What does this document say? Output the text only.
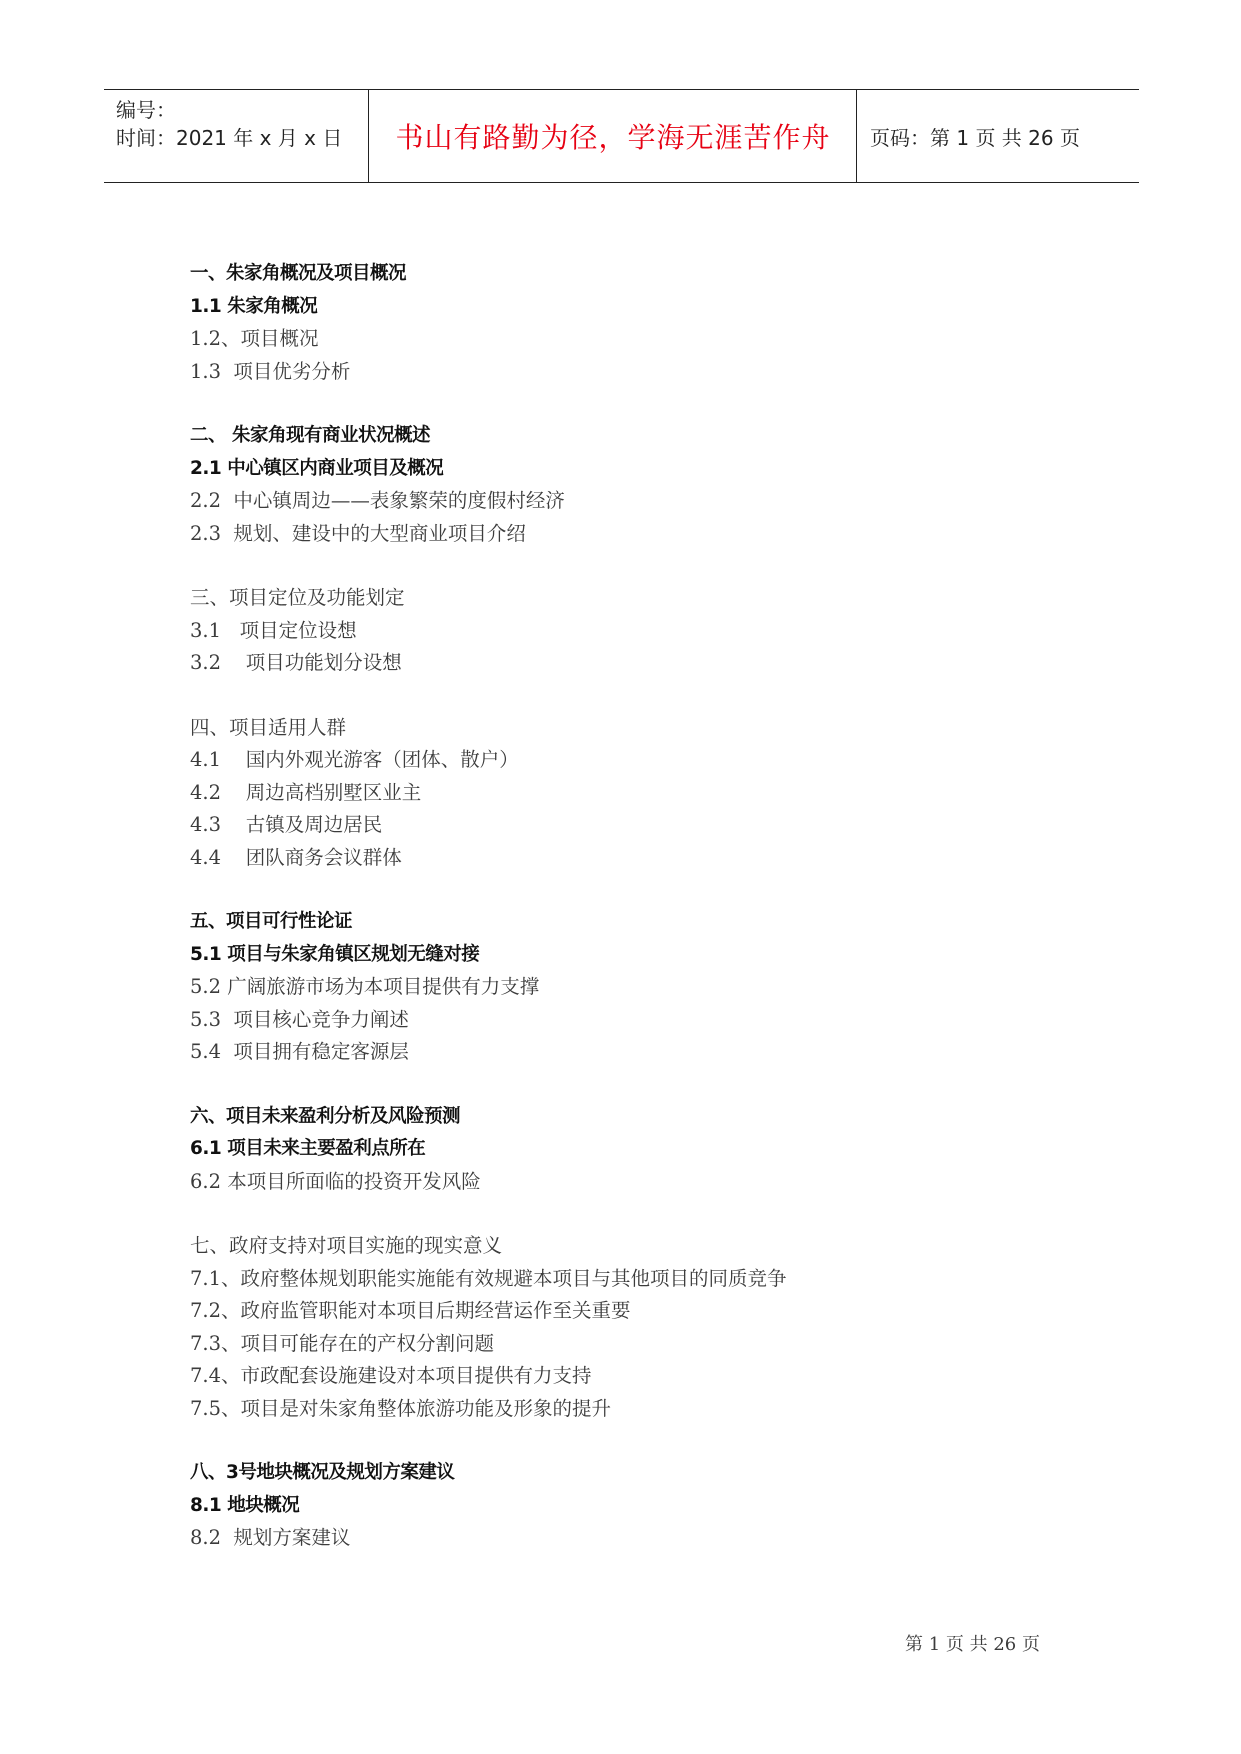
编号：
时间：2021 年 x 月 x 日	书山有路勤为径，学海无涯苦作舟	页码：第 1 页 共 26 页
一、朱家角概况及项目概况
1.1 朱家角概况
1.2、项目概况
1.3  项目优劣分析
二、 朱家角现有商业状况概述
2.1 中心镇区内商业项目及概况
2.2  中心镇周边——表象繁荣的度假村经济
2.3  规划、建设中的大型商业项目介绍
三、项目定位及功能划定
3.1   项目定位设想
3.2    项目功能划分设想
四、项目适用人群
4.1    国内外观光游客（团体、散户）
4.2    周边高档别墅区业主
4.3    古镇及周边居民
4.4    团队商务会议群体
五、项目可行性论证
5.1 项目与朱家角镇区规划无缝对接
5.2 广阔旅游市场为本项目提供有力支撑
5.3  项目核心竞争力阐述
5.4  项目拥有稳定客源层
六、项目未来盈利分析及风险预测
6.1 项目未来主要盈利点所在
6.2 本项目所面临的投资开发风险
七、政府支持对项目实施的现实意义
7.1、政府整体规划职能实施能有效规避本项目与其他项目的同质竞争
7.2、政府监管职能对本项目后期经营运作至关重要
7.3、项目可能存在的产权分割问题
7.4、市政配套设施建设对本项目提供有力支持
7.5、项目是对朱家角整体旅游功能及形象的提升
八、3号地块概况及规划方案建议
8.1 地块概况
8.2  规划方案建议
第 1 页 共 26 页
